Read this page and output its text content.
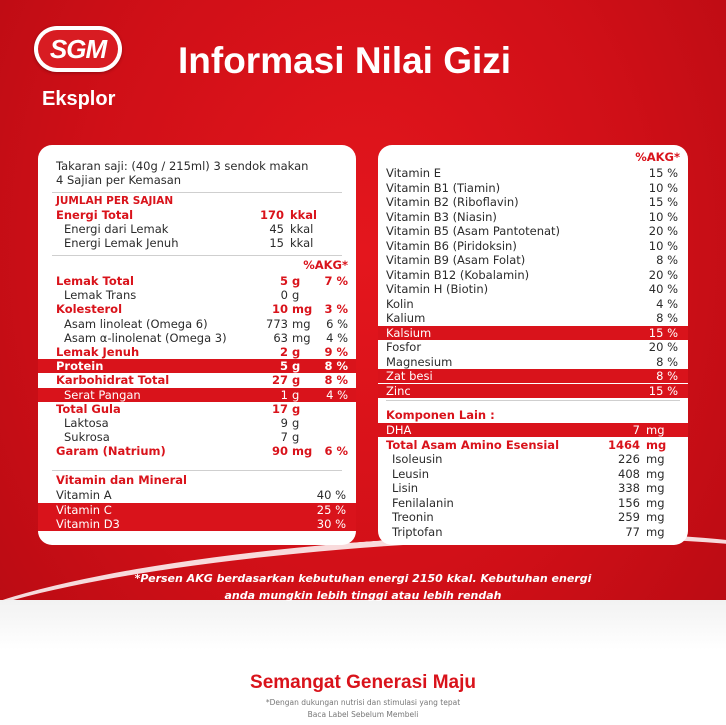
SGM
Eksplor
Informasi Nilai Gizi
Takaran saji: (40g / 215ml) 3 sendok makan
4 Sajian per Kemasan
JUMLAH PER SAJIAN
Energi Total	170 kkal
Energi dari Lemak	45 kkal
Energi Lemak Jenuh	15 kkal
%AKG*
Lemak Total	5 g 7 %
Lemak Trans	0 g
Kolesterol	10 mg 3 %
Asam linoleat (Omega 6)	773 mg 6 %
Asam α-linolenat (Omega 3)	63 mg 4 %
Lemak Jenuh	2 g 9 %
Protein	5 g 8 %
Karbohidrat Total	27 g 8 %
Serat Pangan	1 g 4 %
Total Gula	17 g
Laktosa	9 g
Sukrosa	7 g
Garam (Natrium)	90 mg 6 %
Vitamin dan Mineral
Vitamin A	40 %
Vitamin C	25 %
Vitamin D3	30 %
%AKG*
Vitamin E	15 %
Vitamin B1 (Tiamin)	10 %
Vitamin B2 (Riboflavin)	15 %
Vitamin B3 (Niasin)	10 %
Vitamin B5 (Asam Pantotenat)	20 %
Vitamin B6 (Piridoksin)	10 %
Vitamin B9 (Asam Folat)	8 %
Vitamin B12 (Kobalamin)	20 %
Vitamin H (Biotin)	40 %
Kolin	4 %
Kalium	8 %
Kalsium	15 %
Fosfor	20 %
Magnesium	8 %
Zat besi	8 %
Zinc	15 %
Komponen Lain :
DHA	7 mg
Total Asam Amino Esensial	1464 mg
Isoleusin	226 mg
Leusin	408 mg
Lisin	338 mg
Fenilalanin	156 mg
Treonin	259 mg
Triptofan	77 mg
*Persen AKG berdasarkan kebutuhan energi 2150 kkal. Kebutuhan energi
anda mungkin lebih tinggi atau lebih rendah
Semangat Generasi Maju
*Dengan dukungan nutrisi dan stimulasi yang tepat
Baca Label Sebelum Membeli
